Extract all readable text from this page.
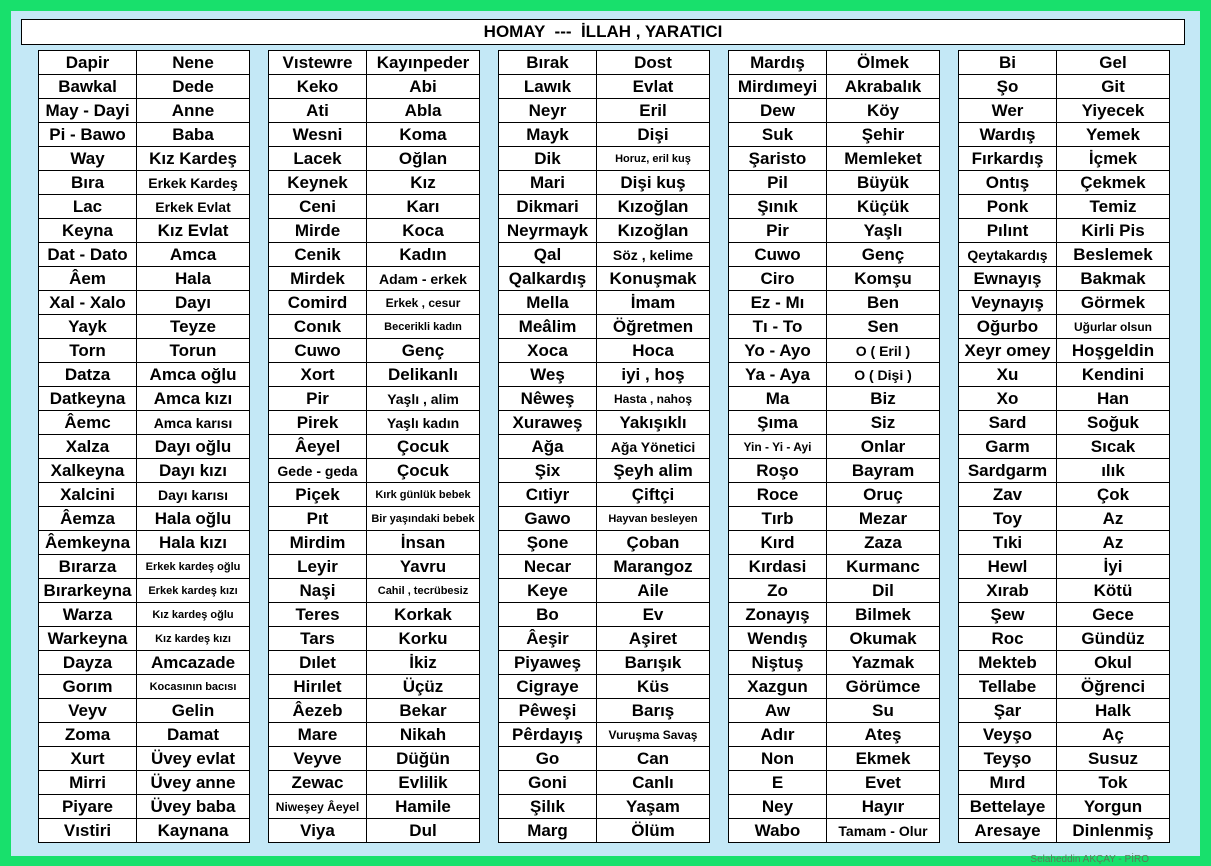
HOMAY  ---  İLLAH , YARATICI
Dapir	Nene
Bawkal	Dede
May - Dayi	Anne
Pi - Bawo	Baba
Way	Kız Kardeş
Bıra	Erkek Kardeş
Lac	Erkek Evlat
Keyna	Kız Evlat
Dat - Dato	Amca
Âem	Hala
Xal - Xalo	Dayı
Yayk	Teyze
Torn	Torun
Datza	Amca oğlu
Datkeyna	Amca kızı
Âemc	Amca karısı
Xalza	Dayı oğlu
Xalkeyna	Dayı kızı
Xalcini	Dayı karısı
Âemza	Hala oğlu
Âemkeyna	Hala kızı
Bırarza	Erkek kardeş oğlu
Bırarkeyna	Erkek kardeş kızı
Warza	Kız kardeş oğlu
Warkeyna	Kız kardeş kızı
Dayza	Amcazade
Gorım	Kocasının bacısı
Veyv	Gelin
Zoma	Damat
Xurt	Üvey evlat
Mirri	Üvey anne
Piyare	Üvey baba
Vıstiri	Kaynana
Vıstewre	Kayınpeder
Keko	Abi
Ati	Abla
Wesni	Koma
Lacek	Oğlan
Keynek	Kız
Ceni	Karı
Mirde	Koca
Cenik	Kadın
Mirdek	Adam - erkek
Comird	Erkek , cesur
Conık	Becerikli kadın
Cuwo	Genç
Xort	Delikanlı
Pir	Yaşlı , alim
Pirek	Yaşlı kadın
Âeyel	Çocuk
Gede - geda	Çocuk
Piçek	Kırk günlük bebek
Pıt	Bir yaşındaki bebek
Mirdim	İnsan
Leyir	Yavru
Naşi	Cahil , tecrübesiz
Teres	Korkak
Tars	Korku
Dılet	İkiz
Hirılet	Üçüz
Âezeb	Bekar
Mare	Nikah
Veyve	Düğün
Zewac	Evlilik
Niweşey Âeyel	Hamile
Viya	Dul
Bırak	Dost
Lawık	Evlat
Neyr	Eril
Mayk	Dişi
Dik	Horuz, eril kuş
Mari	Dişi kuş
Dikmari	Kızoğlan
Neyrmayk	Kızoğlan
Qal	Söz , kelime
Qalkardış	Konuşmak
Mella	İmam
Meâlim	Öğretmen
Xoca	Hoca
Weş	iyi , hoş
Nêweş	Hasta , nahoş
Xuraweş	Yakışıklı
Ağa	Ağa Yönetici
Şix	Şeyh alim
Cıtiyr	Çiftçi
Gawo	Hayvan besleyen
Şone	Çoban
Necar	Marangoz
Keye	Aile
Bo	Ev
Âeşir	Aşiret
Piyaweş	Barışık
Cigraye	Küs
Pêweşi	Barış
Pêrdayış	Vuruşma Savaş
Go	Can
Goni	Canlı
Şilık	Yaşam
Marg	Ölüm
Mardış	Ölmek
Mirdımeyi	Akrabalık
Dew	Köy
Suk	Şehir
Şaristo	Memleket
Pil	Büyük
Şınık	Küçük
Pir	Yaşlı
Cuwo	Genç
Ciro	Komşu
Ez - Mı	Ben
Tı - To	Sen
Yo - Ayo	O ( Eril )
Ya - Aya	O ( Dişi )
Ma	Biz
Şıma	Siz
Yin - Yi - Ayi	Onlar
Roşo	Bayram
Roce	Oruç
Tırb	Mezar
Kırd	Zaza
Kırdasi	Kurmanc
Zo	Dil
Zonayış	Bilmek
Wendış	Okumak
Niştuş	Yazmak
Xazgun	Görümce
Aw	Su
Adır	Ateş
Non	Ekmek
E	Evet
Ney	Hayır
Wabo	Tamam - Olur
Bi	Gel
Şo	Git
Wer	Yiyecek
Wardış	Yemek
Fırkardış	İçmek
Ontış	Çekmek
Ponk	Temiz
Pılınt	Kirli Pis
Qeytakardış	Beslemek
Ewnayış	Bakmak
Veynayış	Görmek
Oğurbo	Uğurlar olsun
Xeyr omey	Hoşgeldin
Xu	Kendini
Xo	Han
Sard	Soğuk
Garm	Sıcak
Sardgarm	ılık
Zav	Çok
Toy	Az
Tıki	Az
Hewl	İyi
Xırab	Kötü
Şew	Gece
Roc	Gündüz
Mekteb	Okul
Tellabe	Öğrenci
Şar	Halk
Veyşo	Aç
Teyşo	Susuz
Mırd	Tok
Bettelaye	Yorgun
Aresaye	Dinlenmiş
Selaheddin AKÇAY - PİRO
